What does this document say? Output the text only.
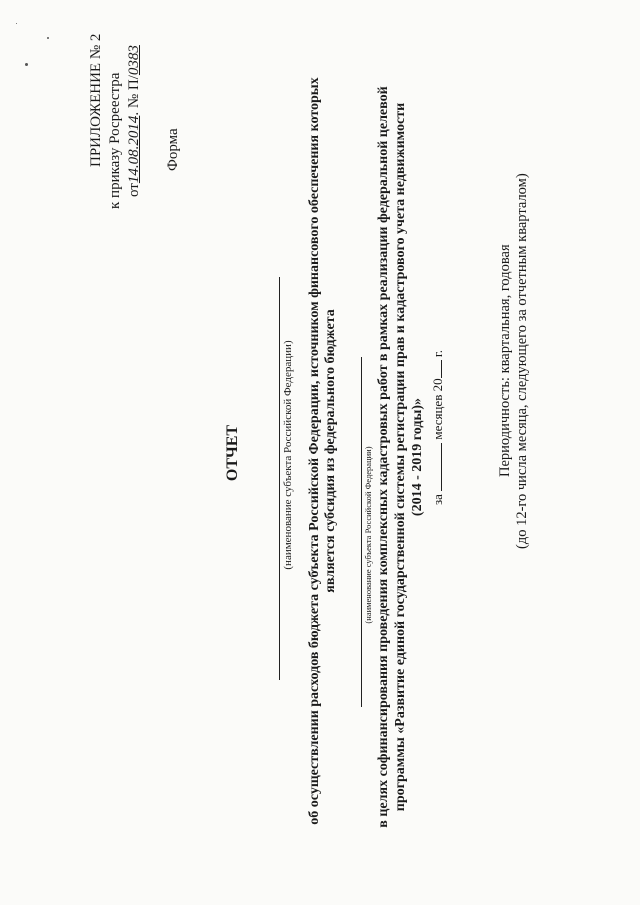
ПРИЛОЖЕНИЕ № 2 к приказу Росреестра от14.08.2014. № П/0383
Форма
ОТЧЕТ	(наименование субъекта Российской Федерации) об осуществлении расходов бюджета субъекта Российской Федерации, источником финансового обеспечения которых является субсидия из федерального бюджета	(наименование субъекта Российской Федерации) в целях софинансирования проведения комплексных кадастровых работ в рамках реализации федеральной целевой программы «Развитие единой государственной системы регистрации прав и кадастрового учета недвижимости (2014 - 2019 годы)» за  месяцев 20 г.	Периодичность: квартальная, годовая (до 12-го числа месяца, следующего за отчетным кварталом)
